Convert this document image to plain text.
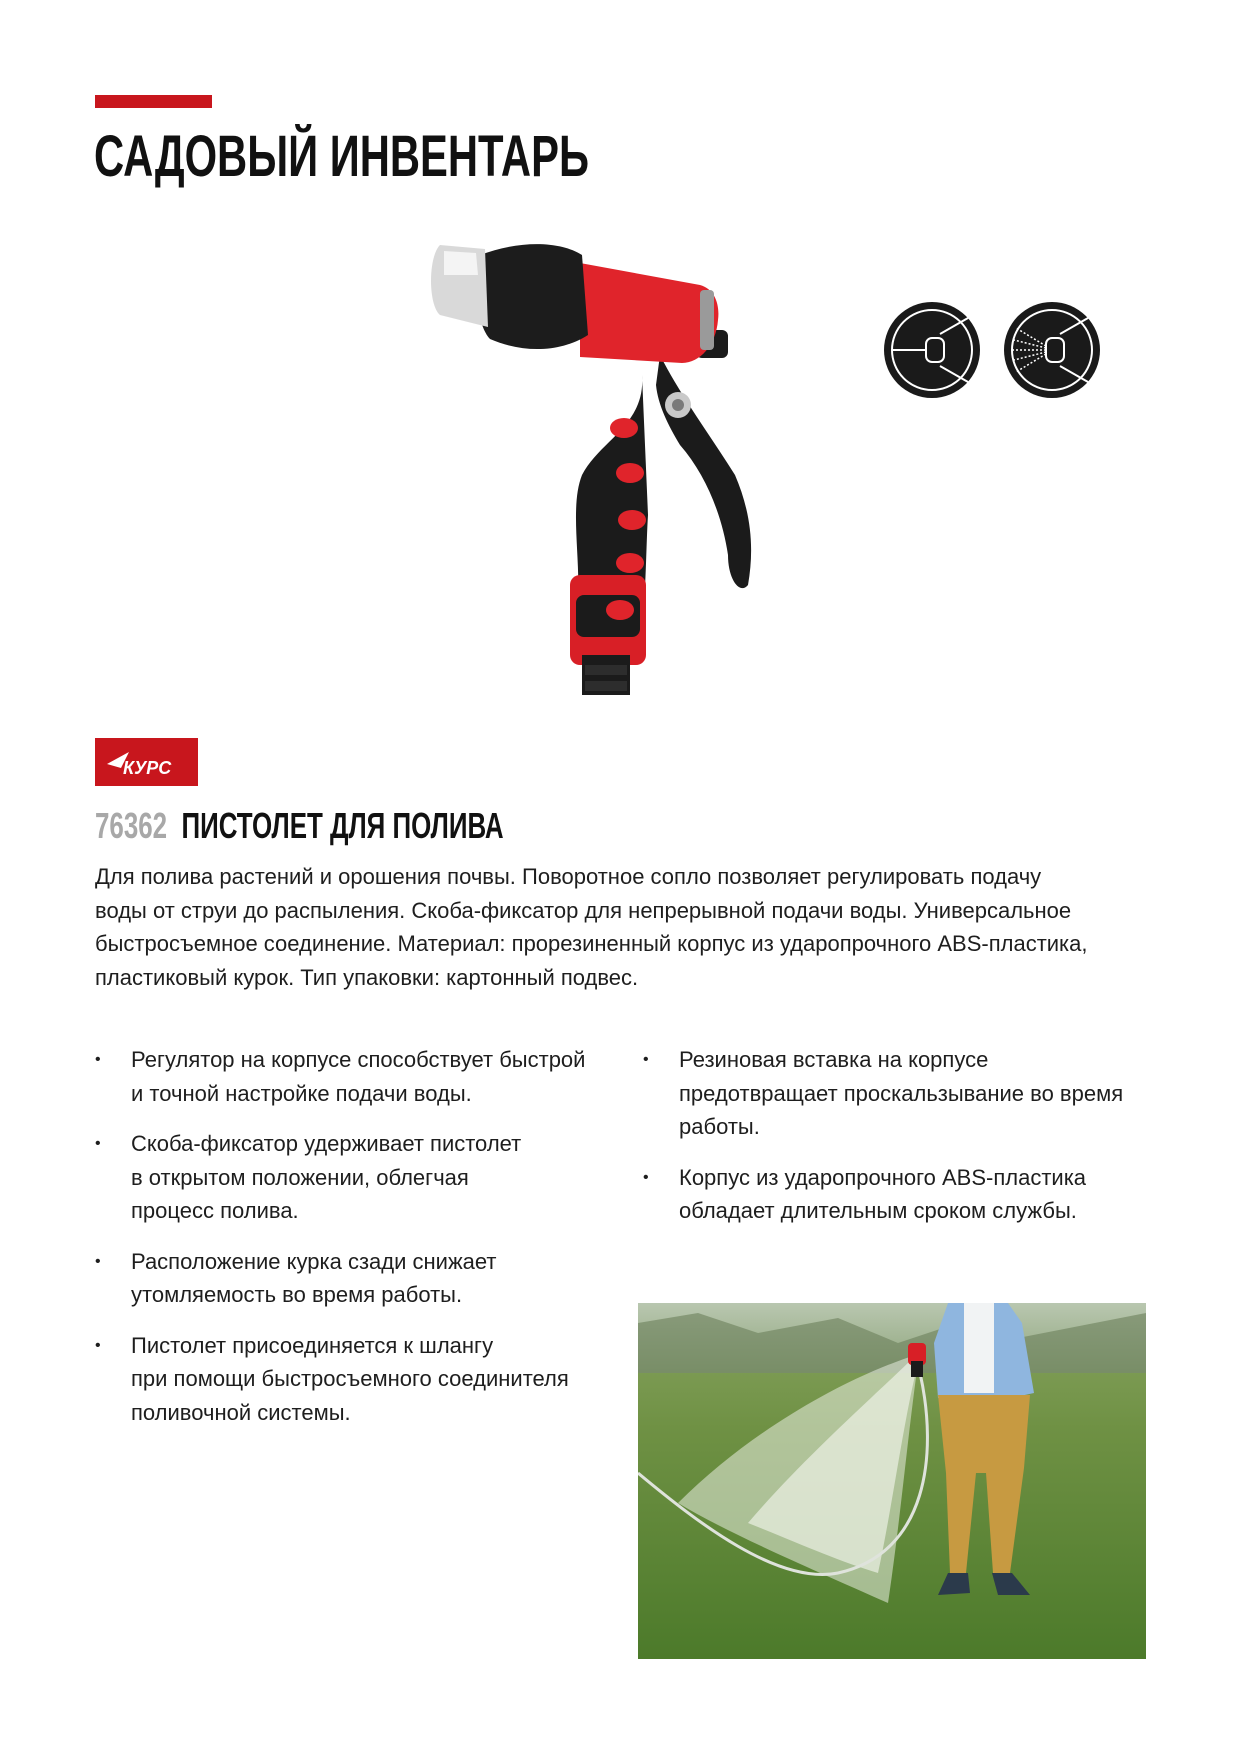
САДОВЫЙ ИНВЕНТАРЬ
КУРС
76362 ПИСТОЛЕТ ДЛЯ ПОЛИВА

Для полива растений и орошения почвы. Поворотное сопло позволяет регулировать подачу
воды от струи до распыления. Скоба-фиксатор для непрерывной подачи воды. Универсальное
быстросъемное соединение. Материал: прорезиненный корпус из ударопрочного ABS-пластика,
пластиковый курок. Тип упаковки: картонный подвес.

• Регулятор на корпусе способствует быстрой
и точной настройке подачи воды.
• Скоба-фиксатор удерживает пистолет
в открытом положении, облегчая
процесс полива.
• Расположение курка сзади снижает
утомляемость во время работы.
• Пистолет присоединяется к шлангу
при помощи быстросъемного соединителя
поливочной системы.
• Резиновая вставка на корпусе
предотвращает проскальзывание во время
работы.
• Корпус из ударопрочного ABS-пластика
обладает длительным сроком службы.
